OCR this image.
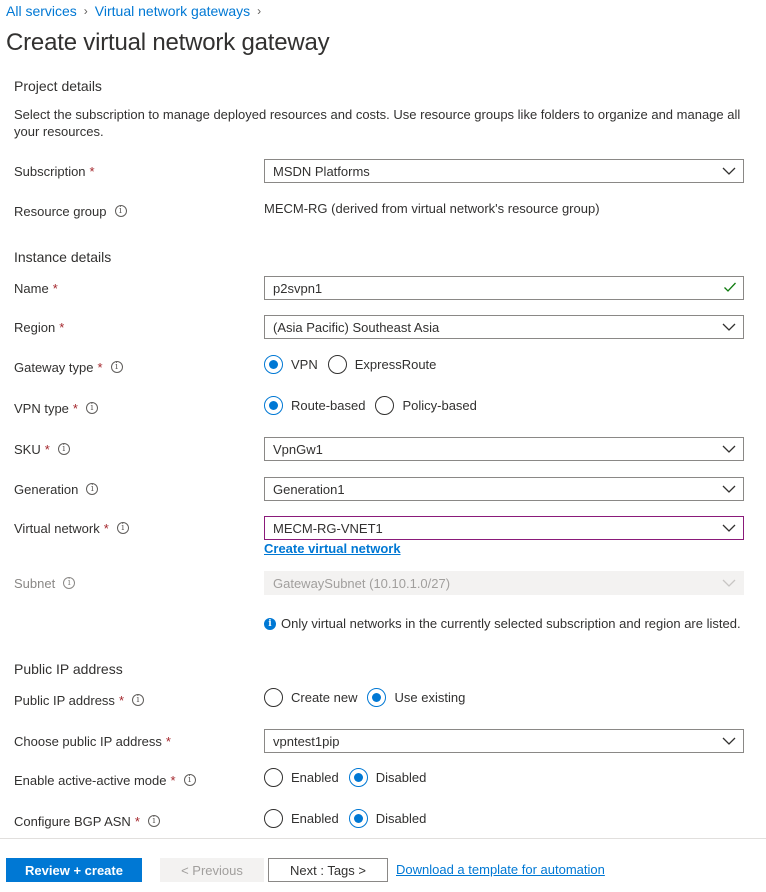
All services › Virtual network gateways ›
Create virtual network gateway
Project details

Select the subscription to manage deployed resources and costs. Use resource groups like folders to organize and manage all your resources.

Subscription *	MSDN Platforms
Resource group	i	MECM-RG (derived from virtual network's resource group)
Instance details
Name *	p2svpn1
Region *	(Asia Pacific) Southeast Asia
Gateway type *	i	VPN	ExpressRoute
VPN type *	i	Route-based	Policy-based
SKU *	i	VpnGw1
Generation	i	Generation1
Virtual network *	i	MECM-RG-VNET1
Create virtual network
Subnet	i	GatewaySubnet (10.10.1.0/27)
i Only virtual networks in the currently selected subscription and region are listed.
Public IP address
Public IP address *	i	Create new	Use existing
Choose public IP address *	vpntest1pip
Enable active-active mode *	i	Enabled	Disabled
Configure BGP ASN *	i	Enabled	Disabled
Review + create	< Previous	Next : Tags >	Download a template for automation
